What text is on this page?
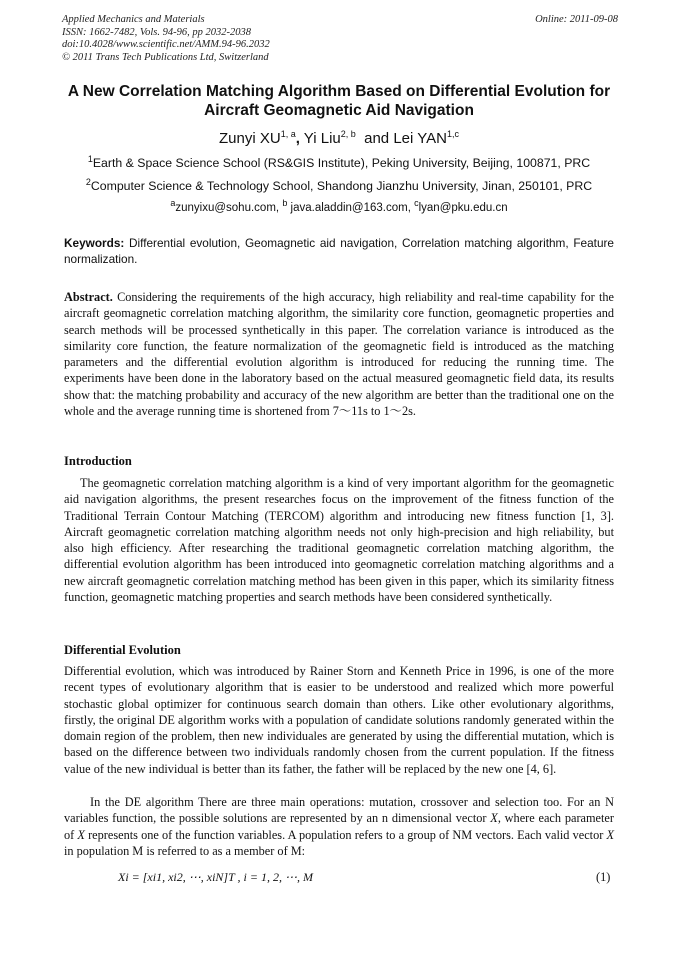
Applied Mechanics and Materials	Online: 2011-09-08
ISSN: 1662-7482, Vols. 94-96, pp 2032-2038
doi:10.4028/www.scientific.net/AMM.94-96.2032
© 2011 Trans Tech Publications Ltd, Switzerland
A New Correlation Matching Algorithm Based on Differential Evolution for Aircraft Geomagnetic Aid Navigation
Zunyi XU$^{1, a}$, Yi Liu$^{2, b}$  and Lei YAN$^{1,c}$
$^1$Earth & Space Science School (RS&GIS Institute), Peking University, Beijing, 100871, PRC
$^2$Computer Science & Technology School, Shandong Jianzhu University, Jinan, 250101, PRC
$^a$zunyixu@sohu.com, $^b$ java.aladdin@163.com, $^c$lyan@pku.edu.cn
Keywords: Differential evolution, Geomagnetic aid navigation, Correlation matching algorithm, Feature normalization.
Abstract. Considering the requirements of the high accuracy, high reliability and real-time capability for the aircraft geomagnetic correlation matching algorithm, the similarity core function, geomagnetic properties and search methods will be processed synthetically in this paper. The correlation variance is introduced as the similarity core function, the feature normalization of the geomagnetic field is introduced as the matching parameters and the differential evolution algorithm is introduced for reducing the running time. The experiments have been done in the laboratory based on the actual measured geomagnetic field data, its results show that: the matching probability and accuracy of the new algorithm are better than the traditional one on the whole and the average running time is shortened from 7～11s to 1～2s.
Introduction
The geomagnetic correlation matching algorithm is a kind of very important algorithm for the geomagnetic aid navigation algorithms, the present researches focus on the improvement of the fitness function of the Traditional Terrain Contour Matching (TERCOM) algorithm and introducing new fitness function [1, 3]. Aircraft geomagnetic correlation matching algorithm needs not only high-precision and high reliability, but also high efficiency. After researching the traditional geomagnetic correlation matching algorithm, the differential evolution algorithm has been introduced into geomagnetic correlation matching algorithms and a new aircraft geomagnetic correlation matching method has been given in this paper, which its similarity fitness function, geomagnetic matching properties and search methods have been considered synthetically.
Differential Evolution
Differential evolution, which was introduced by Rainer Storn and Kenneth Price in 1996, is one of the more recent types of evolutionary algorithm that is easier to be understood and realized which more powerful stochastic global optimizer for continuous search domain than others. Like other evolutionary algorithms, firstly, the original DE algorithm works with a population of candidate solutions randomly generated within the domain region of the problem, then new individuales are generated by using the differential mutation, which is based on the difference between two individuals randomly chosen from the current population. If the fitness value of the new individual is better than its father, the father will be replaced by the new one [4, 6].
In the DE algorithm There are three main operations: mutation, crossover and selection too. For an N variables function, the possible solutions are represented by an n dimensional vector X, where each parameter of X represents one of the function variables. A population refers to a group of NM vectors. Each valid vector X in population M is referred to as a member of M:
Xi = [xi1, xi2, ⋯, xiN]T , i = 1, 2, ⋯, M	(1)
